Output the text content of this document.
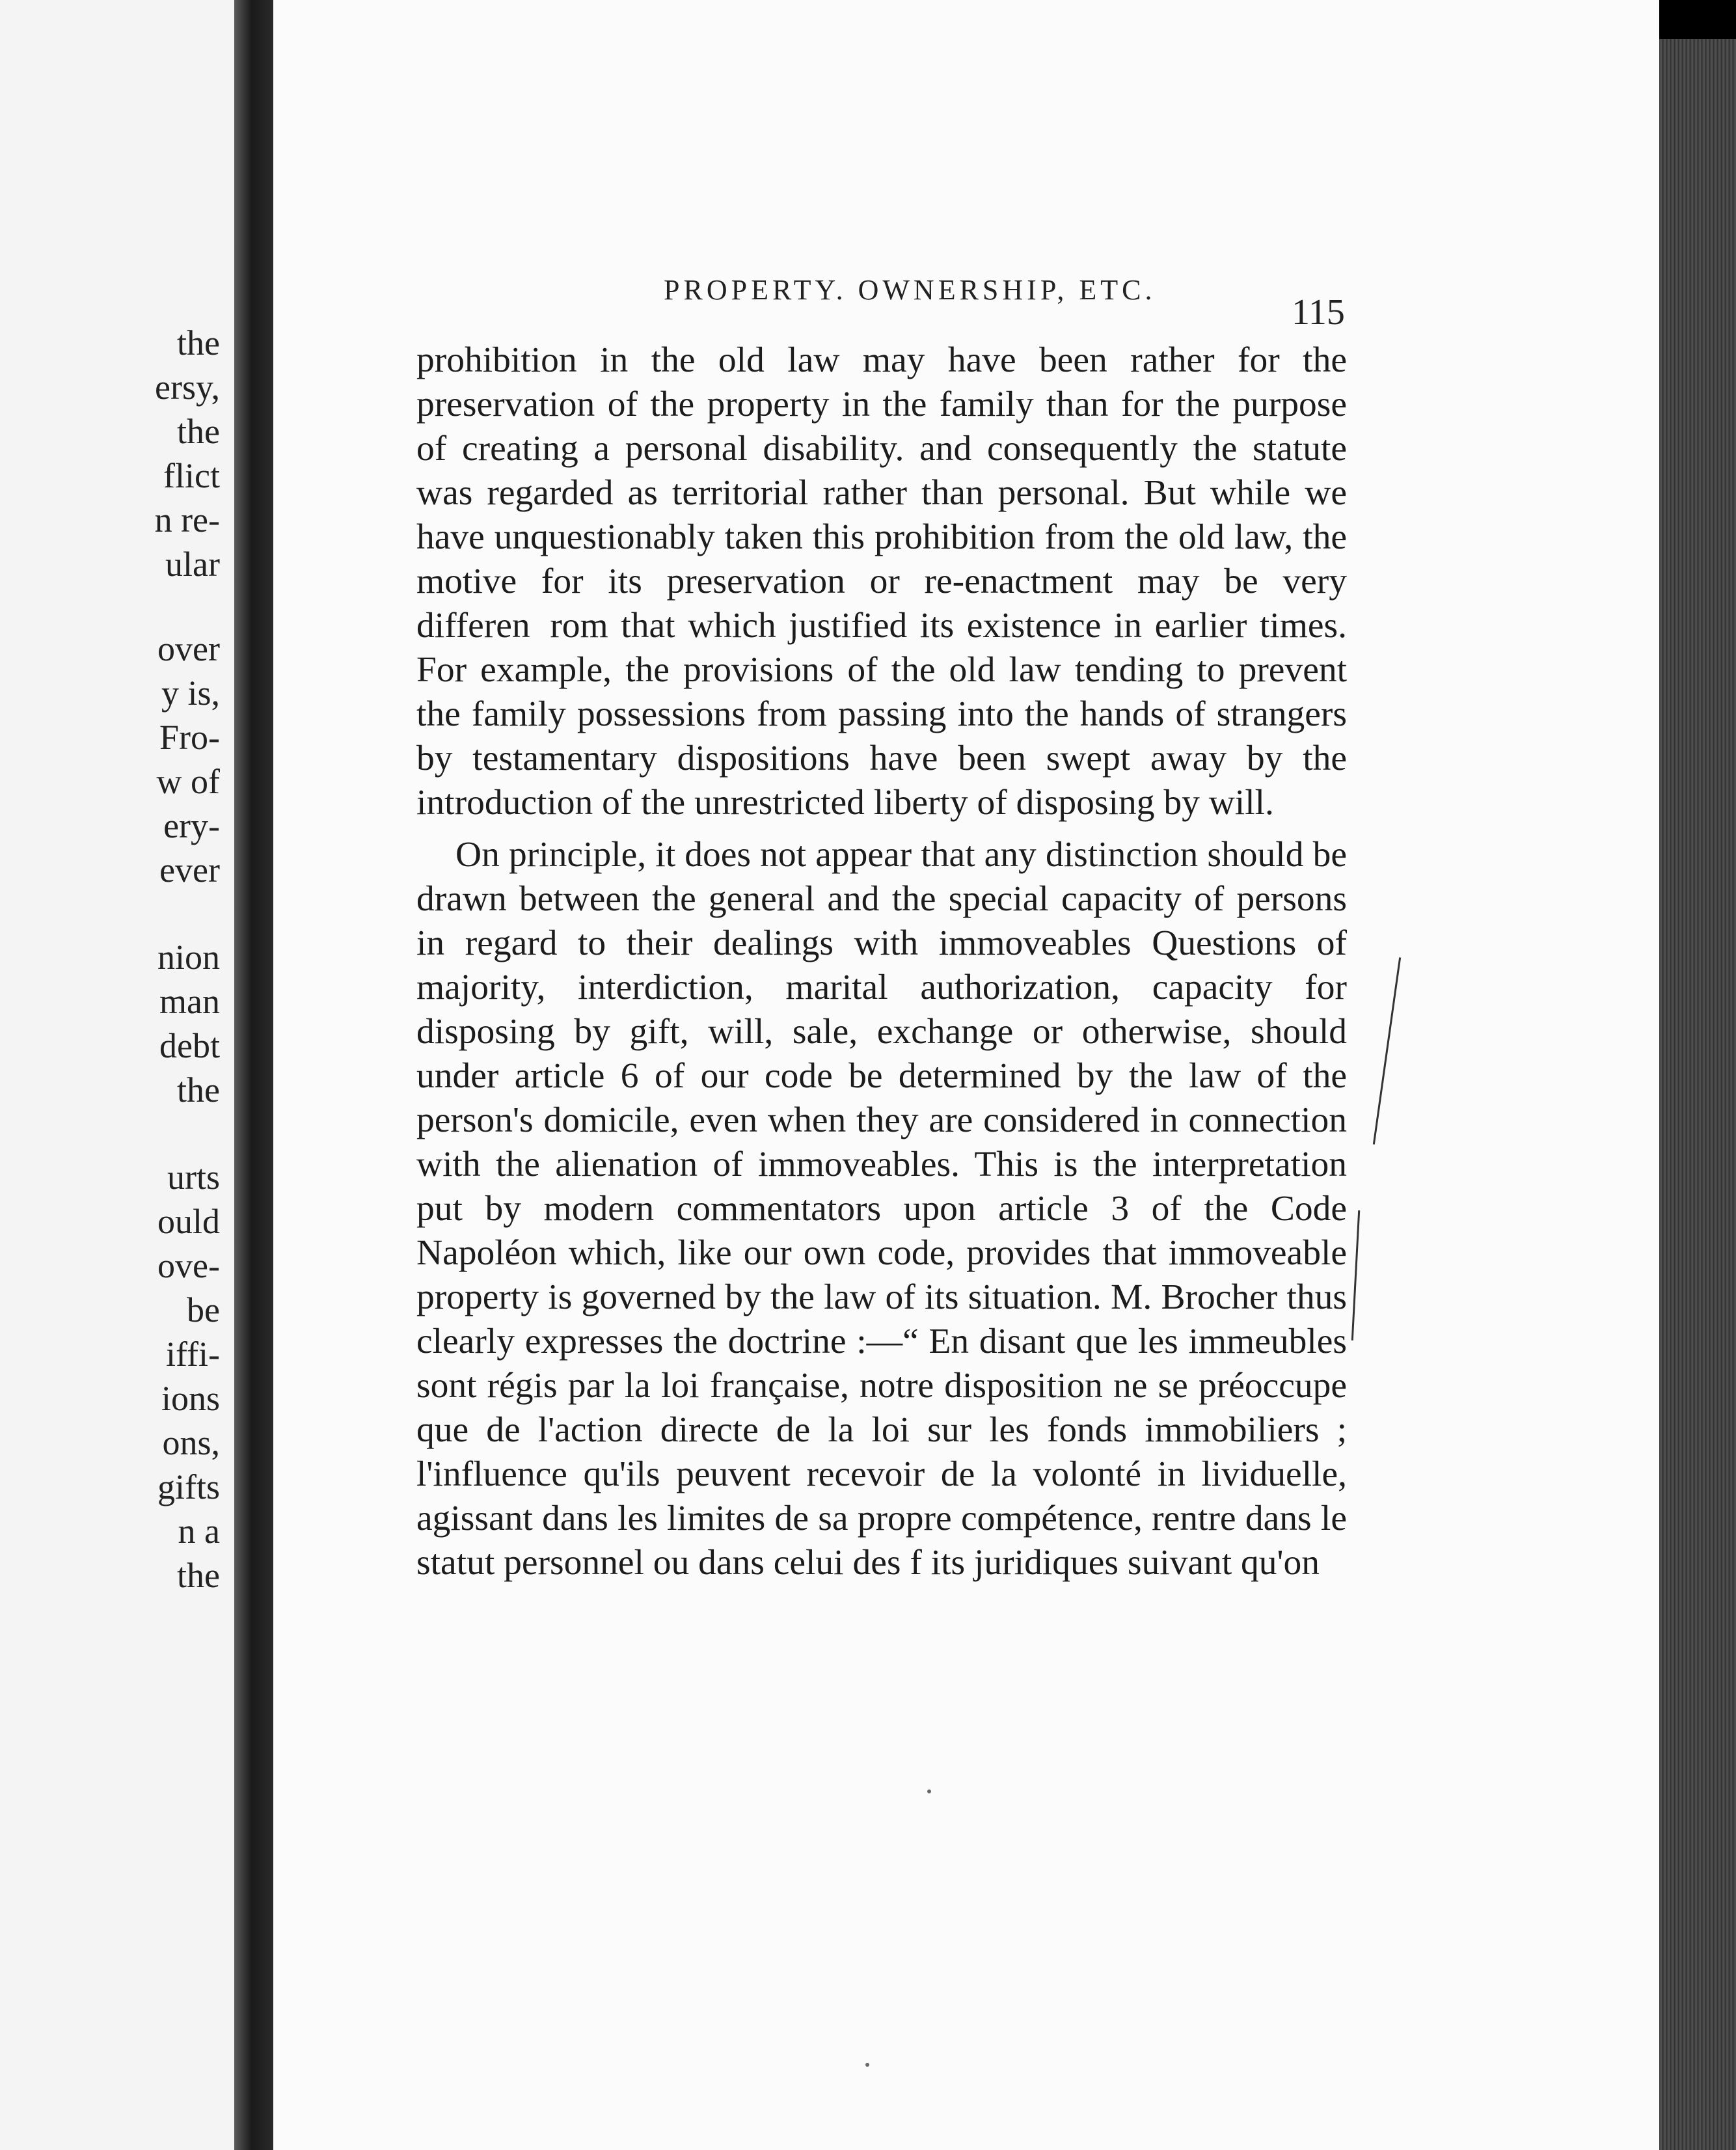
the
ersy,
the
flict
n re-
ular
over
y is,
Fro-
w of
ery-
ever
nion
man
debt
the
urts
ould
ove-
be
iffi-
ions
ons,
gifts
n a
the
PROPERTY. OWNERSHIP, ETC.
115

prohibition in the old law may have been rather for the preservation of the property in the family than for the purpose of creating a personal disability. and consequently the statute was regarded as territorial rather than personal. But while we have unquestionably taken this prohibition from the old law, the motive for its preservation or re-enactment may be very differen  rom that which justified its existence in earlier times. For example, the provisions of the old law tending to prevent the family possessions from passing into the hands of strangers by testamentary dispositions have been swept away by the introduction of the unrestricted liberty of disposing by will.

On principle, it does not appear that any distinction should be drawn between the general and the special capacity of persons in regard to their dealings with immoveables Questions of majority, interdiction, marital authorization, capacity for disposing by gift, will, sale, exchange or otherwise, should under article 6 of our code be determined by the law of the person's domicile, even when they are considered in connection with the alienation of immoveables. This is the interpretation put by modern commentators upon article 3 of the Code Napoléon which, like our own code, provides that immoveable property is governed by the law of its situation. M. Brocher thus clearly expresses the doctrine :—“ En disant que les immeubles sont régis par la loi française, notre disposition ne se préoccupe que de l'action directe de la loi sur les fonds immobiliers ; l'influence qu'ils peuvent recevoir de la volonté in lividuelle, agissant dans les limites de sa propre compétence, rentre dans le statut personnel ou dans celui des f its juridiques suivant qu'on
